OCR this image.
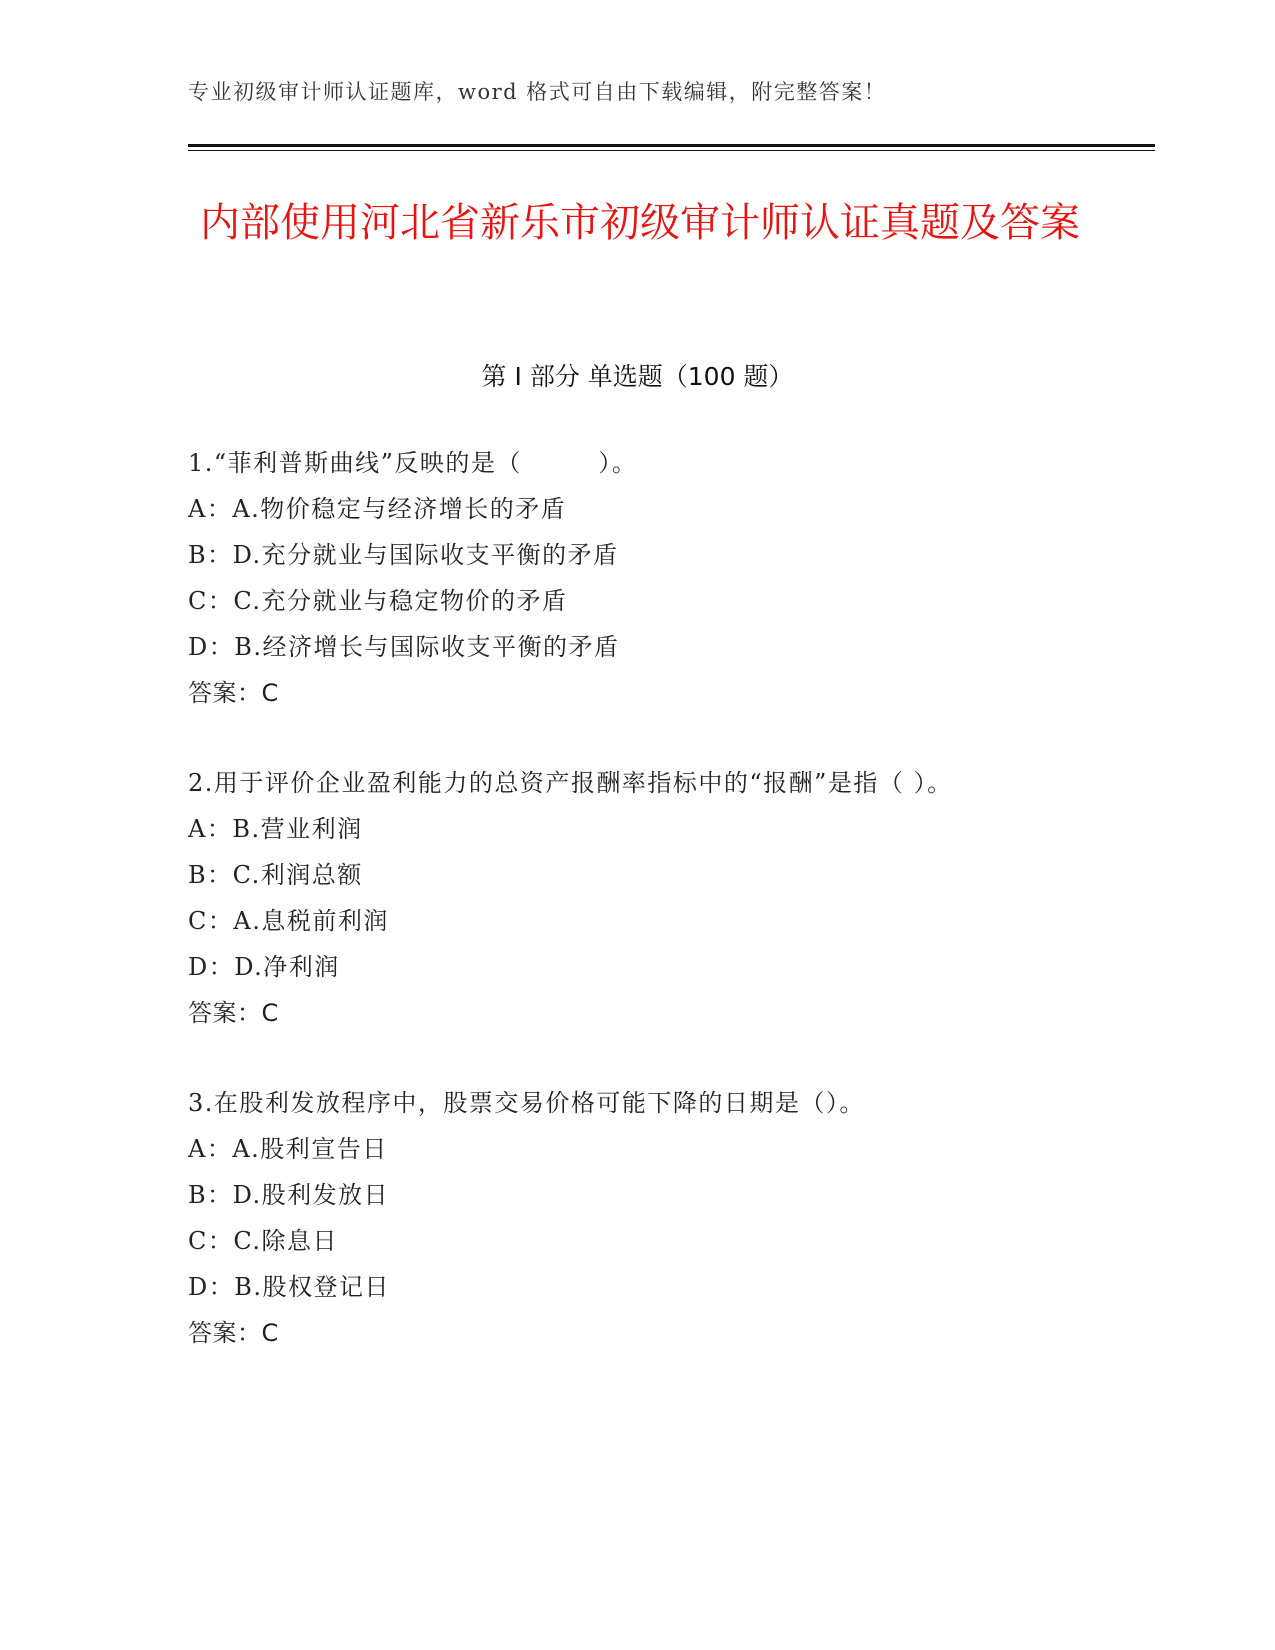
专业初级审计师认证题库，word 格式可自由下载编辑，附完整答案！
内部使用河北省新乐市初级审计师认证真题及答案
第 I 部分 单选题（100 题）
1.“菲利普斯曲线”反映的是（　　　）。
A：A.物价稳定与经济增长的矛盾
B：D.充分就业与国际收支平衡的矛盾
C：C.充分就业与稳定物价的矛盾
D：B.经济增长与国际收支平衡的矛盾
答案：C
2.用于评价企业盈利能力的总资产报酬率指标中的“报酬”是指（ ）。
A：B.营业利润
B：C.利润总额
C：A.息税前利润
D：D.净利润
答案：C
3.在股利发放程序中，股票交易价格可能下降的日期是（）。
A：A.股利宣告日
B：D.股利发放日
C：C.除息日
D：B.股权登记日
答案：C
